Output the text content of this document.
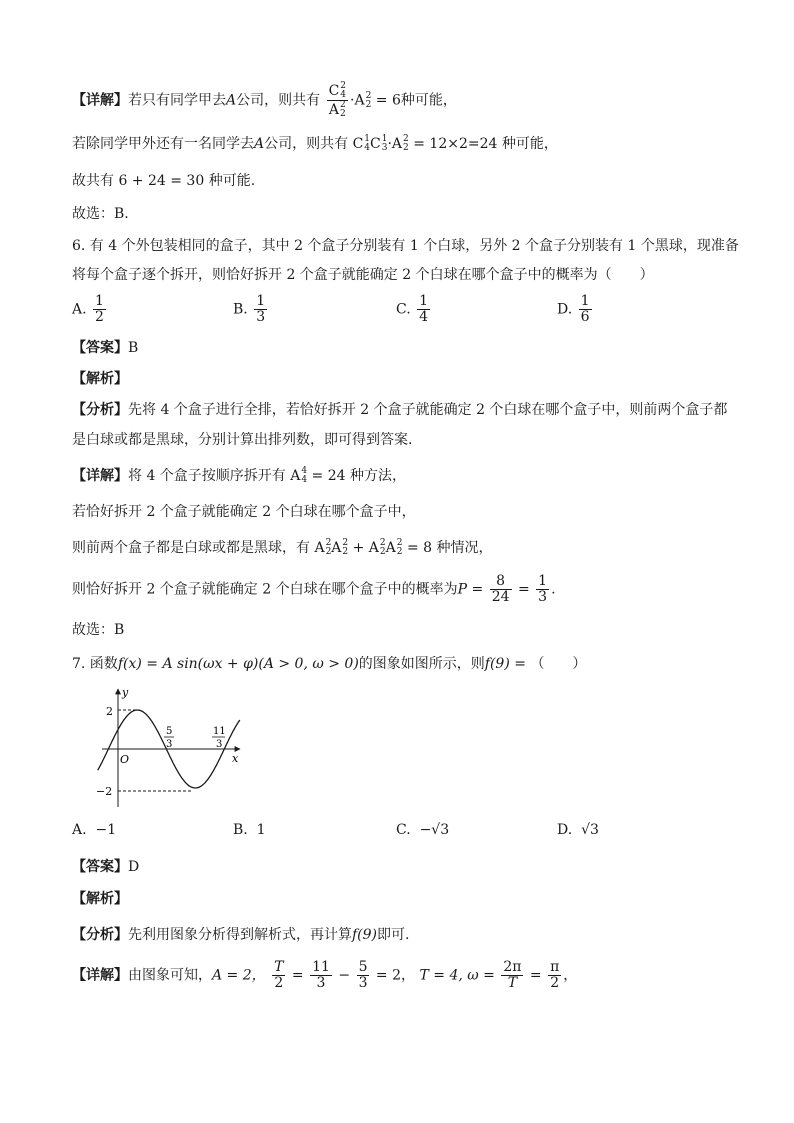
【详解】若只有同学甲去A公司，则共有 C 2
4
A 2
2 ·A 2
2 = 6种可能，
若除同学甲外还有一名同学去A公司，则共有 C 1
4 C 1
3 ·A 2
2 = 12×2=24 种可能，
故共有 6 + 24 = 30 种可能.
故选：B.
6. 有 4 个外包装相同的盒子，其中 2 个盒子分别装有 1 个白球，另外 2 个盒子分别装有 1 个黑球，现准备
将每个盒子逐个拆开，则恰好拆开 2 个盒子就能确定 2 个白球在哪个盒子中的概率为（　　）
A. $\frac{1}{2}$	B. $\frac{1}{3}$	C. $\frac{1}{4}$	D. $\frac{1}{6}$
【答案】B
【解析】
【分析】先将 4 个盒子进行全排，若恰好拆开 2 个盒子就能确定 2 个白球在哪个盒子中，则前两个盒子都
是白球或都是黑球，分别计算出排列数，即可得到答案.
【详解】将 4 个盒子按顺序拆开有 A 4
4 = 24 种方法，
若恰好拆开 2 个盒子就能确定 2 个白球在哪个盒子中，
则前两个盒子都是白球或都是黑球，有 A 2
2 A 2
2 + A 2
2 A 2
2 = 8 种情况，
则恰好拆开 2 个盒子就能确定 2 个白球在哪个盒子中的概率为$P = \frac{8}{24} = \frac{1}{3}$ .
故选：B
7. 函数f(x) = A sin(ωx + φ)(A > 0, ω > 0)的图象如图所示，则f(9) = （　　）
y
x
O
2
−2
5
3
11
3
A. −1	B. 1	C. −√3	D. √3
【答案】D
【解析】
【分析】先利用图象分析得到解析式，再计算f(9)即可.
【详解】由图象可知，A = 2， $\frac{T}{2} = \frac{11}{3} - \frac{5}{3} = 2$， T = 4, $\omega = \frac{2\pi}{T} = \frac{\pi}{2}$ ，
